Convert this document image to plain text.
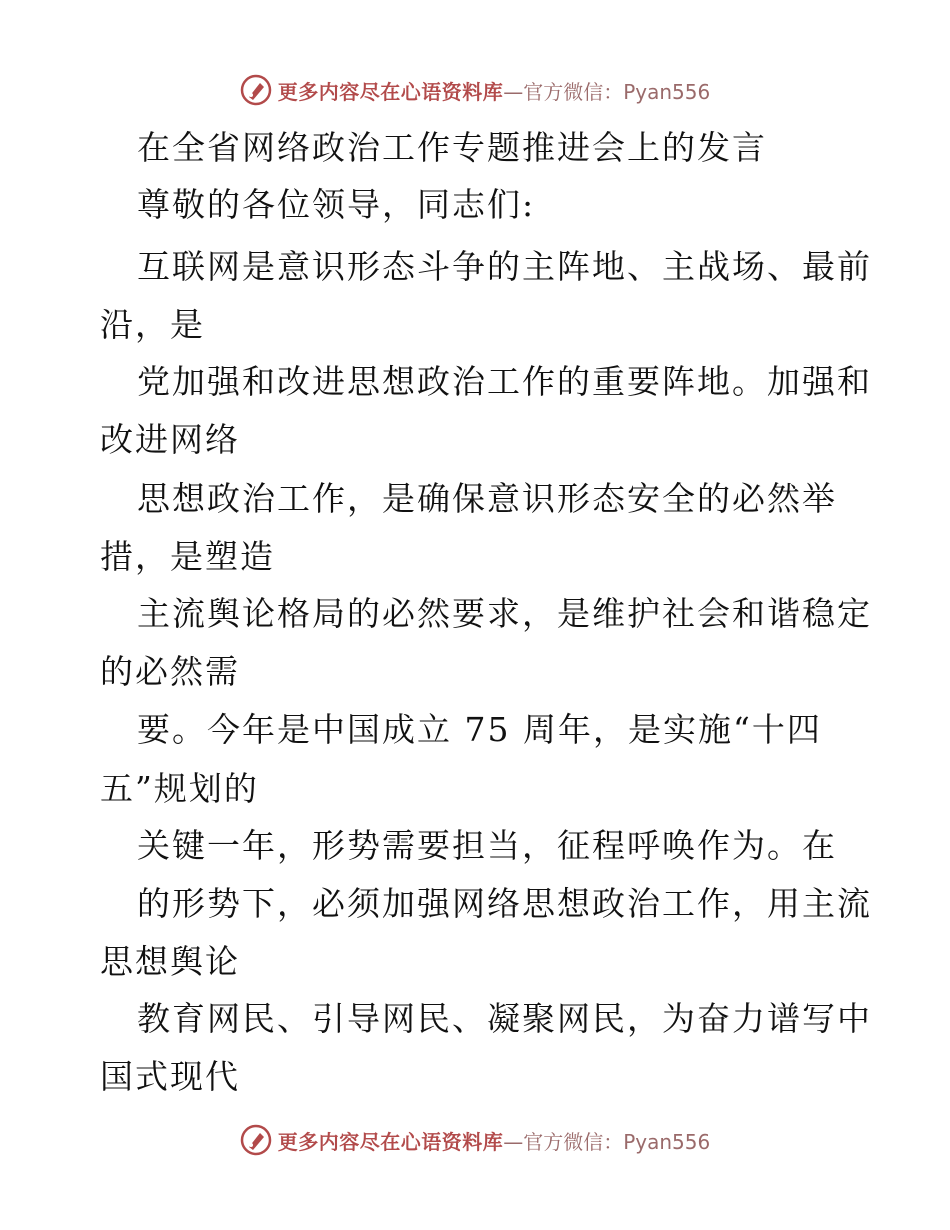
更多内容尽在心语资料库 —官方微信：Pyan556
在全省网络政治工作专题推进会上的发言
尊敬的各位领导，同志们:
互联网是意识形态斗争的主阵地、主战场、最前
沿，是
党加强和改进思想政治工作的重要阵地。加强和
改进网络
思想政治工作，是确保意识形态安全的必然举
措，是塑造
主流舆论格局的必然要求，是维护社会和谐稳定
的必然需
要。今年是中国成立 75 周年，是实施“十四
五”规划的
关键一年，形势需要担当，征程呼唤作为。在
的形势下，必须加强网络思想政治工作，用主流
思想舆论
教育网民、引导网民、凝聚网民，为奋力谱写中
国式现代
更多内容尽在心语资料库 —官方微信：Pyan556
